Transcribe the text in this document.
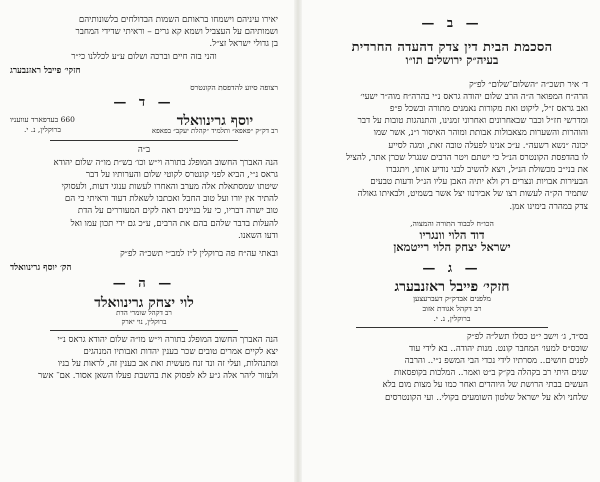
יאירו עיניהם וישמחו בראותם השמות הבדולחים בלשונותיהם

ושמותיהם על העצביל ושמא קא גרים – וראיתי שדידי המחבר

בן גדולי ישראל זצ״ל.

והני בזה חיים וברכה ושלום ע״ע לכללנו כי״ר

חזקי׳ פייבל ראזנבערג

רצופה סיוע להדפסת הקונטרס

— ד —
יוסף גרינוואלד
רב דק״ק ״פאפא״ ותלמיד ״קהלת יעקב״ בפאפא
660 בעדפארד עוועניו
ברוקלין, נ. י.

ב״ה

הנה האברך החשוב המופלג בתורה וי״ש וכו׳ בש״ת מו״ה שלום יהודא

גראס נ״י, הביא לפני קונטרס לקוטי שלום והערותיו על דבר

שיטתו שמסתאלת אלה מערב והאחרו לעשות ענוגי דעות, ולעסוקי

להתיר אין יורו ועל טוב החבל ואכתבו לשאלת דעוד וראיתי כי הם

טוב ישרה דבריו, כי על בניינים ראה לקים המעוררים על הדת

להעלות בדבר שלהם בהם את הרבים, ע״כ גם ידי תכון עמו ואל

ודעו השאנו.

ובאתי עה״ח פה ברוקלין ל״ז למב״י תשכ״ה לפ״ק

הק׳ יוסף גרינוואלד

— ה —
לוי יצחק גרינוואלד
רב דקהל שומרי הדת
ברוקלין, נוי יארק

הנה האברך החשוב המופלג בתורה וי״ש מו״ה שלום יהודא גראס נ״י

יצא לקיים אמרים טובים שכר בענין יהדות ואבותיו המנהגים

ומתנהלות, ועלי זה ונד זנח מעשית ואת אב בענין זה, לראות על בניו

ולעזור ליהר אלה ג״ע לא לפסוק את בהשבת פעלו השאן אסור. אם־ אשר

— ב —

הסכמת הבית דין צדק דהעדה החרדית

בעיה״ק ירושלים תו״ו

ד׳ איר תשכ״ה ״השלום־שלום״ לפ״ק

הרה״ח המפואר ה״ה הרב שלום יהודה גראס נ״י בהרה״ח מוה״ר ישעי׳

ואב גראס ז״ל, ליקוט ואת מקורות נאמנים מתורה ובשכל פ״פ

ומדרשי חז״ל וכבר שבאחרונים ואחרוני זמנינו, והתנהגות טובות על דבר

והוהרות והשערות מצאבולות אבותת ומוהר האיסור ו״נ, אשר שמו

יכונה ״נשא רשעה״. ע״כ אנינו לפעלה טובה זאת, ומגה לסייע

לו בהדפסת הקונטרס הנ״ל כי ישתם ויטר הרבים שנגרל שכרן אתר, להציל

את בני״ב מכשולת הנ״ל, ויצא להשיב לבני נודיע אותו, ויתגברו

הבעירות אבויות ונצרים דק ולא יתיה האבן עליו הנ״ל ודעות טבעים

שתמיד הק״ה לעשות רצו של אבירנוו יצל אשר בשמיט, ולבאיתו גאולה

צדק במהרה בימינו אמן.

הכו״ח לכבוד התורה והמצוה,

דוד הלוי וונגריו

ישראל יצחק הלוי רייטמאן

— ג —
חזקי׳ פייבל ראזנבערג
מלפנים אבדק״ק דעברעצען
רב דקהל אגודת אזוב
ברוקלין, נ. י.

בס״ד, ג׳ וישב י״ט כסלו תשל״ה לפ״ק

שוכס״ס למעו׳ המחבר קונט. מנות יהודה.. בא לידי עוד

לפנים חושים.. מסרתיו לידי נכדי הבי המשפ נ״י.. והרבה

שנים היתי רב בקהלה בק״ק ב״ט ואמר.. המלכות בקופסאות

העשים בבתי הרושת של היוהדים ואחר כמו על מצות מום בלא

שלחני ולא על ישראל שלטון השומעים בקולי.. ועי הקונטרסים
